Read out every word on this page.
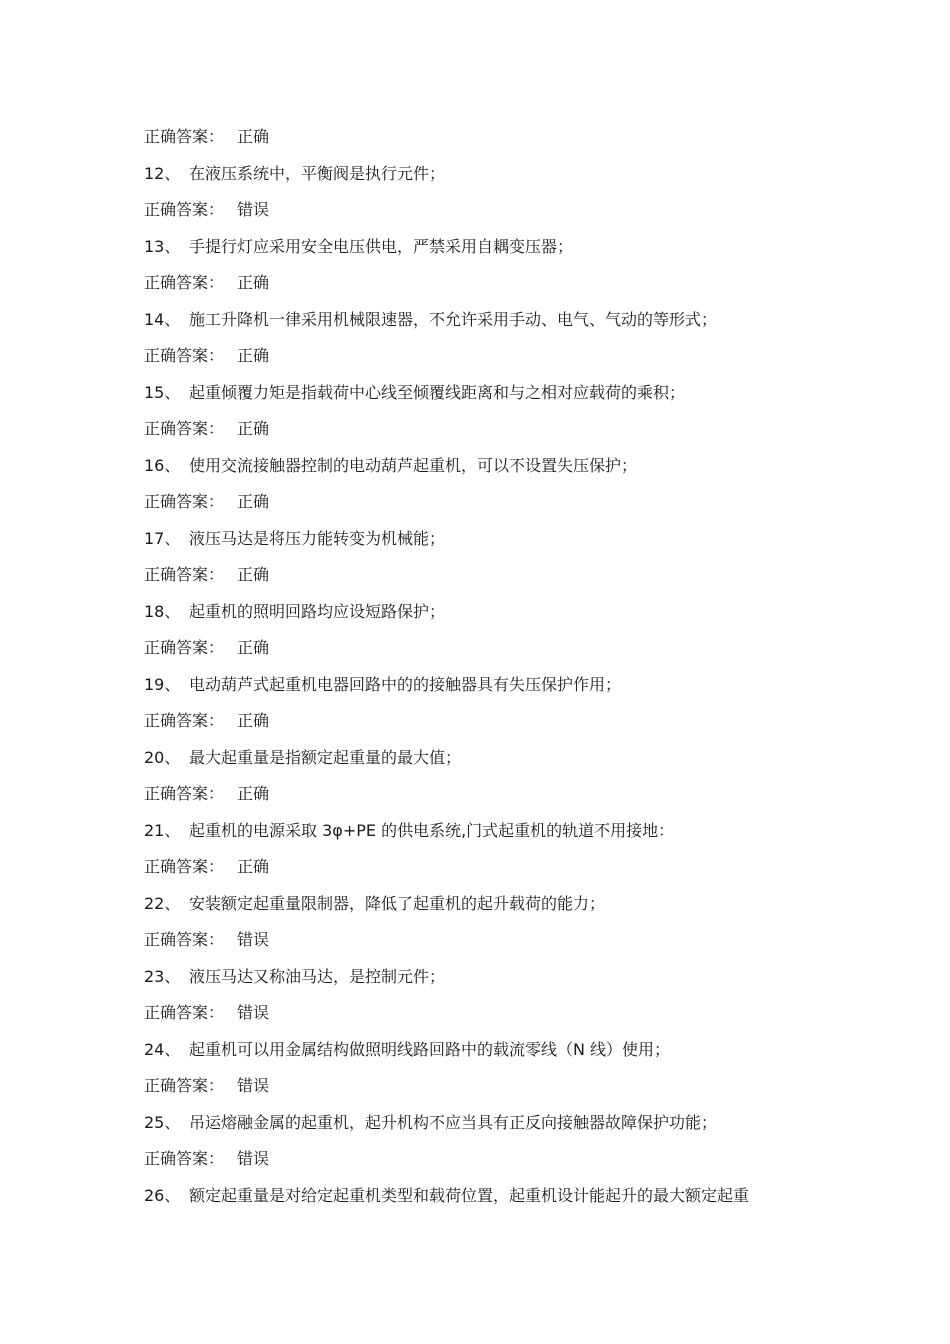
正确答案： 正确
12、 在液压系统中，平衡阀是执行元件；
正确答案： 错误
13、 手提行灯应采用安全电压供电，严禁采用自耦变压器；
正确答案： 正确
14、 施工升降机一律采用机械限速器，不允许采用手动、电气、气动的等形式；
正确答案： 正确
15、 起重倾覆力矩是指载荷中心线至倾覆线距离和与之相对应载荷的乘积；
正确答案： 正确
16、 使用交流接触器控制的电动葫芦起重机，可以不设置失压保护；
正确答案： 正确
17、 液压马达是将压力能转变为机械能；
正确答案： 正确
18、 起重机的照明回路均应设短路保护；
正确答案： 正确
19、 电动葫芦式起重机电器回路中的的接触器具有失压保护作用；
正确答案： 正确
20、 最大起重量是指额定起重量的最大值；
正确答案： 正确
21、 起重机的电源采取 3φ+PE 的供电系统,门式起重机的轨道不用接地：
正确答案： 正确
22、 安装额定起重量限制器，降低了起重机的起升载荷的能力；
正确答案： 错误
23、 液压马达又称油马达，是控制元件；
正确答案： 错误
24、 起重机可以用金属结构做照明线路回路中的载流零线（N 线）使用；
正确答案： 错误
25、 吊运熔融金属的起重机，起升机构不应当具有正反向接触器故障保护功能；
正确答案： 错误
26、 额定起重量是对给定起重机类型和载荷位置，起重机设计能起升的最大额定起重
